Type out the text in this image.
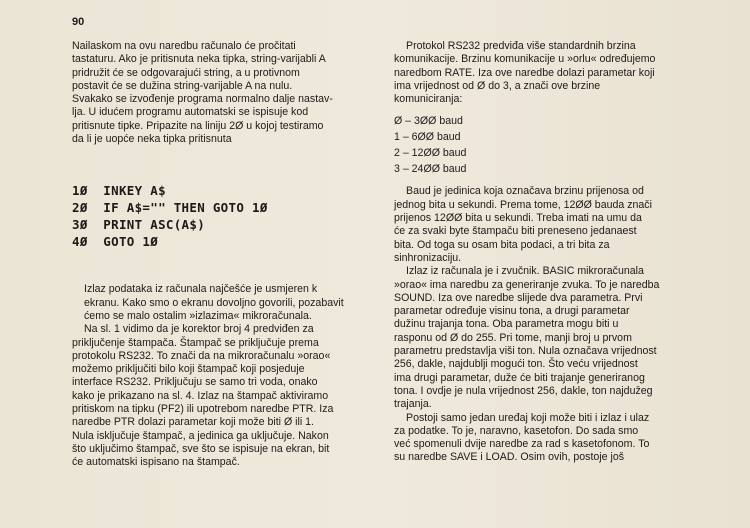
90

Nailaskom na ovu naredbu računalo će pročitati
tastaturu. Ako je pritisnuta neka tipka, string-varijabli A
pridružit će se odgovarajući string, a u protivnom
postavit će se dužina string-varijable A na nulu.
Svakako se izvođenje programa normalno dalje nastav-
lja. U idućem programu automatski se ispisuje kod
pritisnute tipke. Pripazite na liniju 2Ø u kojoj testiramo
da li je uopće neka tipka pritisnuta

1Ø  INKEY A$
2Ø  IF A$="" THEN GOTO 1Ø
3Ø  PRINT ASC(A$)
4Ø  GOTO 1Ø

Izlaz podataka iz računala najčešće je usmjeren k
ekranu. Kako smo o ekranu dovoljno govorili, pozabavit
ćemo se malo ostalim »izlazima« mikroračunala.

Na sl. 1 vidimo da je korektor broj 4 predviđen za
priključenje štampača. Štampač se priključuje prema
protokolu RS232. To znači da na mikroračunalu »orao«
možemo priključiti bilo koji štampač koji posjeduje
interface RS232. Priključuju se samo tri voda, onako
kako je prikazano na sl. 4. Izlaz na štampač aktiviramo
pritiskom na tipku (PF2) ili upotrebom naredbe PTR. Iza
naredbe PTR dolazi parametar koji može biti Ø ili 1.
Nula isključuje štampač, a jedinica ga uključuje. Nakon
što uključimo štampač, sve što se ispisuje na ekran, bit
će automatski ispisano na štampač.

Protokol RS232 predviđa više standardnih brzina
komunikacije. Brzinu komunikacije u »orlu« određujemo
naredbom RATE. Iza ove naredbe dolazi parametar koji
ima vrijednost od Ø do 3, a znači ove brzine
komuniciranja:

Ø – 3ØØ baud
1 – 6ØØ baud
2 – 12ØØ baud
3 – 24ØØ baud

Baud je jedinica koja označava brzinu prijenosa od
jednog bita u sekundi. Prema tome, 12ØØ bauda znači
prijenos 12ØØ bita u sekundi. Treba imati na umu da
će za svaki byte štampaču biti preneseno jedanaest
bita. Od toga su osam bita podaci, a tri bita za
sinhronizaciju.

Izlaz iz računala je i zvučnik. BASIC mikroračunala
»orao« ima naredbu za generiranje zvuka. To je naredba
SOUND. Iza ove naredbe slijede dva parametra. Prvi
parametar određuje visinu tona, a drugi parametar
dužinu trajanja tona. Oba parametra mogu biti u
rasponu od Ø do 255. Pri tome, manji broj u prvom
parametru predstavlja viši ton. Nula označava vrijednost
256, dakle, najdublji mogući ton. Što veću vrijednost
ima drugi parametar, duže će biti trajanje generiranog
tona. I ovdje je nula vrijednost 256, dakle, ton najdužeg
trajanja.

Postoji samo jedan uređaj koji može biti i izlaz i ulaz
za podatke. To je, naravno, kasetofon. Do sada smo
već spomenuli dvije naredbe za rad s kasetofonom. To
su naredbe SAVE i LOAD. Osim ovih, postoje još
